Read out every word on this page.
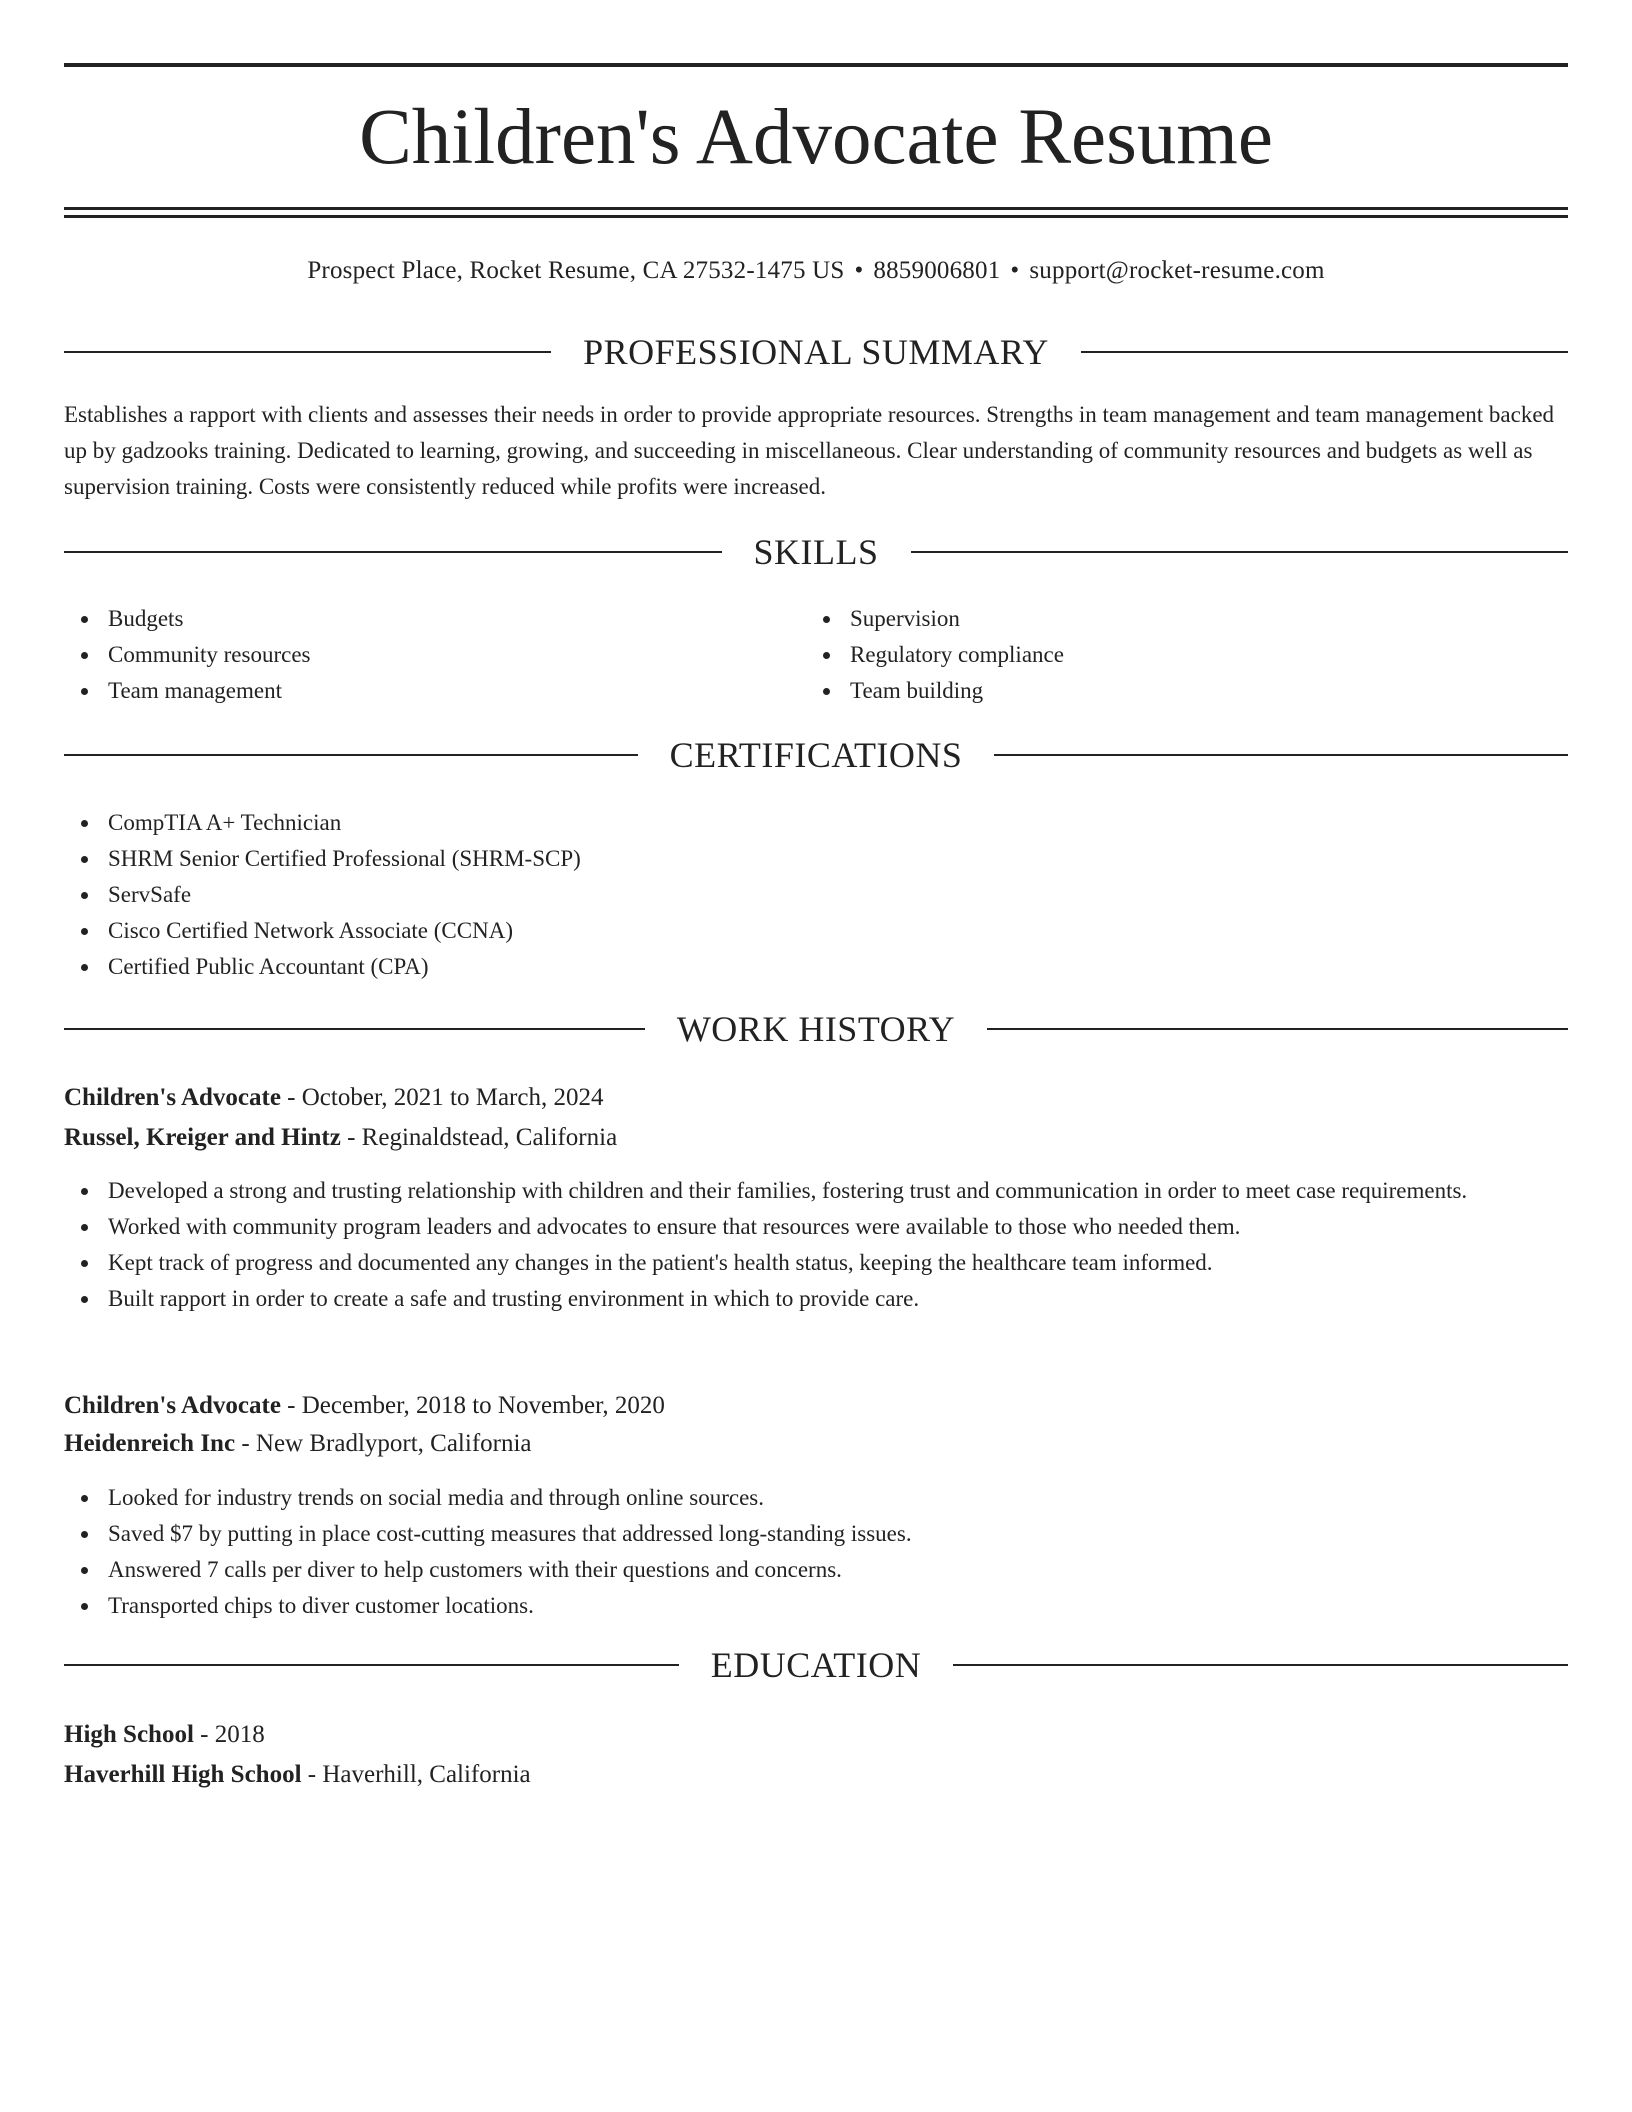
Children's Advocate Resume
Prospect Place, Rocket Resume, CA 27532-1475 US • 8859006801 • support@rocket-resume.com
PROFESSIONAL SUMMARY

Establishes a rapport with clients and assesses their needs in order to provide appropriate resources. Strengths in team management and team management backed up by gadzooks training. Dedicated to learning, growing, and succeeding in miscellaneous. Clear understanding of community resources and budgets as well as supervision training. Costs were consistently reduced while profits were increased.

SKILLS
Budgets
Community resources
Team management
Supervision
Regulatory compliance
Team building
CERTIFICATIONS
CompTIA A+ Technician
SHRM Senior Certified Professional (SHRM-SCP)
ServSafe
Cisco Certified Network Associate (CCNA)
Certified Public Accountant (CPA)
WORK HISTORY
Children's Advocate - October, 2021 to March, 2024
Russel, Kreiger and Hintz - Reginaldstead, California
Developed a strong and trusting relationship with children and their families, fostering trust and communication in order to meet case requirements.
Worked with community program leaders and advocates to ensure that resources were available to those who needed them.
Kept track of progress and documented any changes in the patient's health status, keeping the healthcare team informed.
Built rapport in order to create a safe and trusting environment in which to provide care.
Children's Advocate - December, 2018 to November, 2020
Heidenreich Inc - New Bradlyport, California
Looked for industry trends on social media and through online sources.
Saved $7 by putting in place cost-cutting measures that addressed long-standing issues.
Answered 7 calls per diver to help customers with their questions and concerns.
Transported chips to diver customer locations.
EDUCATION
High School - 2018
Haverhill High School - Haverhill, California
